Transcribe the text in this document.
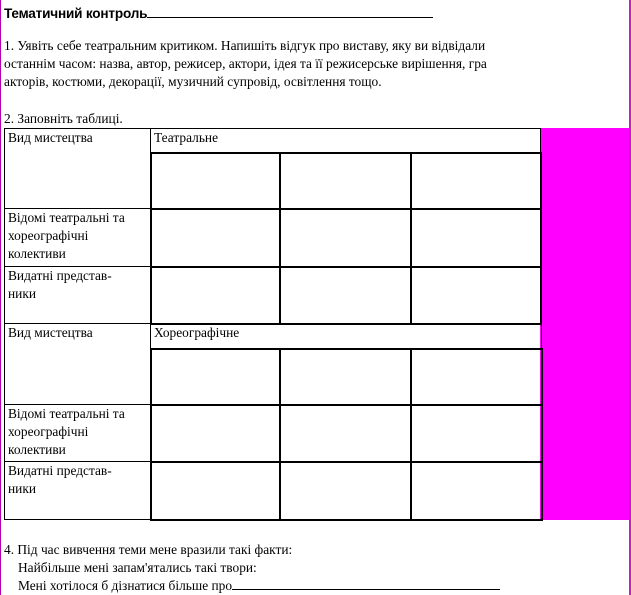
Тематичний контроль
1. Уявіть себе театральним критиком. Напишіть відгук про виставу, яку ви відвідали
останнім часом: назва, автор, режисер, актори, ідея та її режисерське вирішення, гра
акторів, костюми, декорації, музичний супровід, освітлення тощо.
2. Заповніть таблиці.
Вид мистецтва	Театральне		

Відомі театральні та
хореографічні
колективи			

Видатні представ-
ники			

Вид мистецтва	Хореографічне		

Відомі театральні та
хореографічні
колективи			

Видатні представ-
ники			

4. Під час вивчення теми мене вразили такі факти:
Найбільше мені запам'ятались такі твори:
Мені хотілося б дізнатися більше про
